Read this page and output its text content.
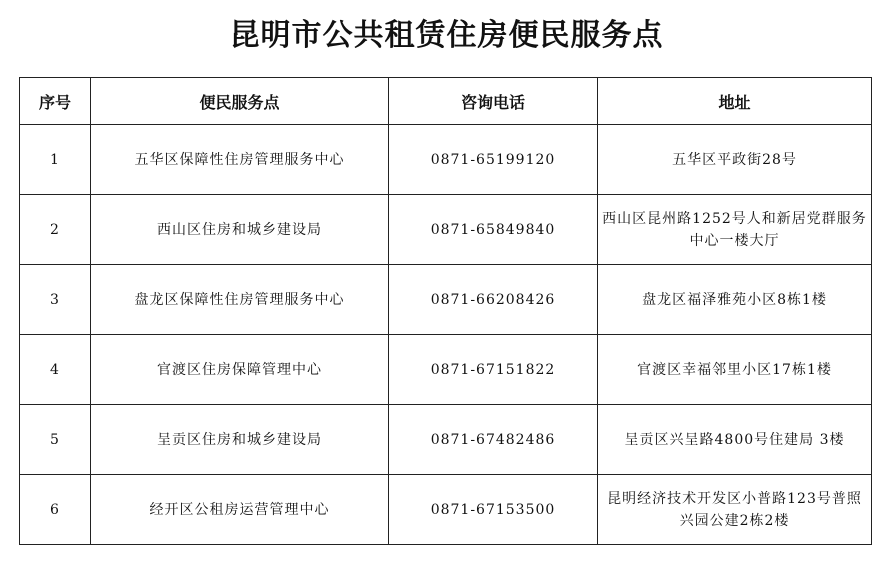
昆明市公共租赁住房便民服务点
序号	便民服务点	咨询电话	地址
1	五华区保障性住房管理服务中心	0871-65199120	五华区平政街28号
2	西山区住房和城乡建设局	0871-65849840	西山区昆州路1252号人和新居党群服务中心一楼大厅
3	盘龙区保障性住房管理服务中心	0871-66208426	盘龙区福泽雅苑小区8栋1楼
4	官渡区住房保障管理中心	0871-67151822	官渡区幸福邻里小区17栋1楼
5	呈贡区住房和城乡建设局	0871-67482486	呈贡区兴呈路4800号住建局 3楼
6	经开区公租房运营管理中心	0871-67153500	昆明经济技术开发区小普路123号普照兴园公建2栋2楼
